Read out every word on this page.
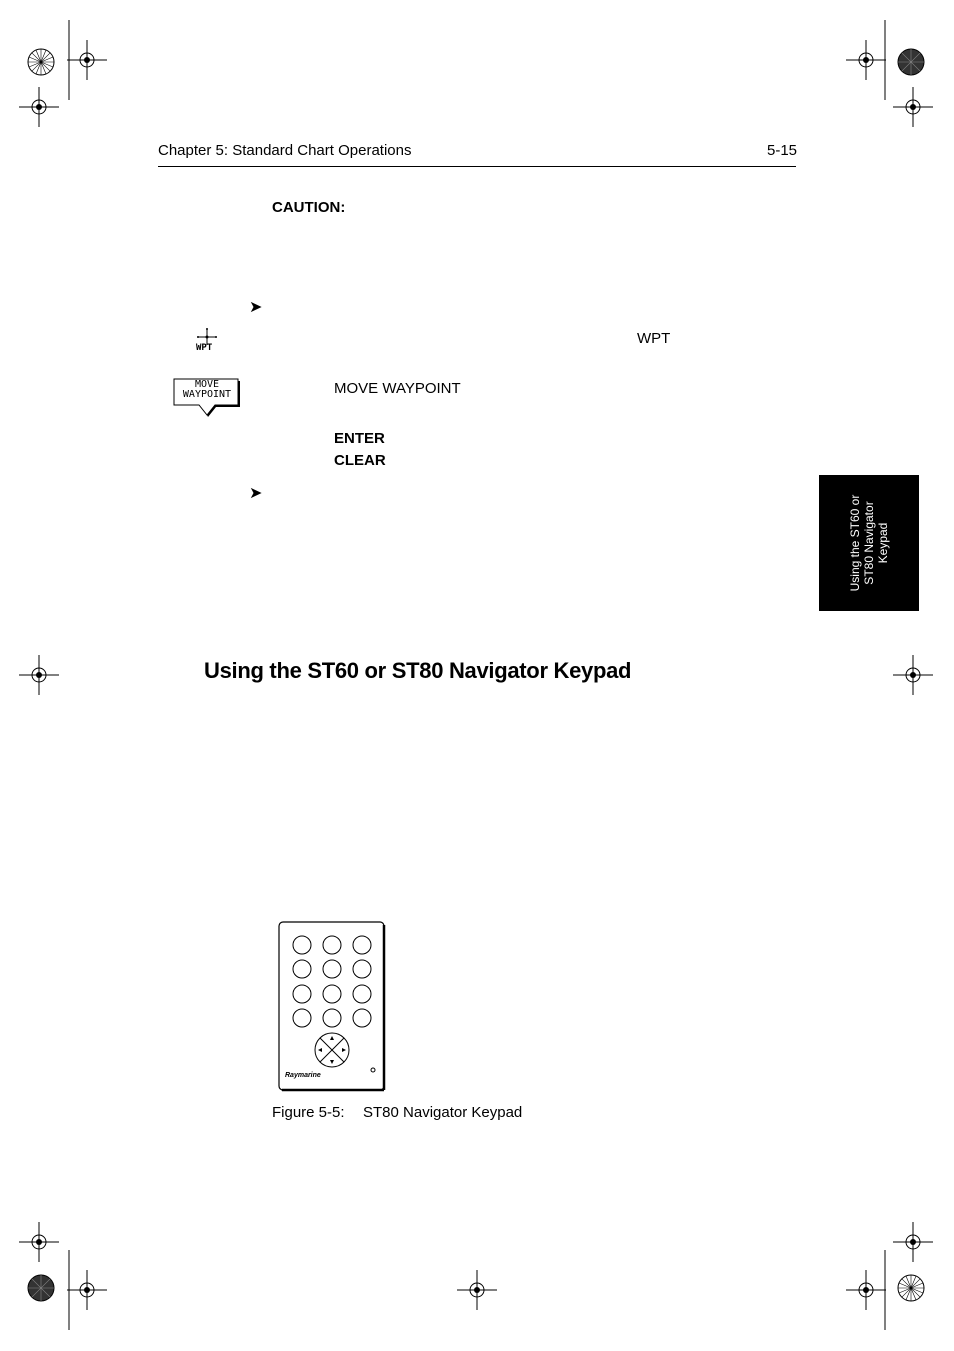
Chapter 5: Standard Chart Operations	5-15
CAUTION:
➤
WPT
WPT
MOVE
WAYPOINT	MOVE WAYPOINT
ENTER
CLEAR
➤
Using the ST60 or ST80 Navigator Keypad
Using the ST60 or ST80 Navigator Keypad
Raymarine
Figure 5-5: ST80 Navigator Keypad
